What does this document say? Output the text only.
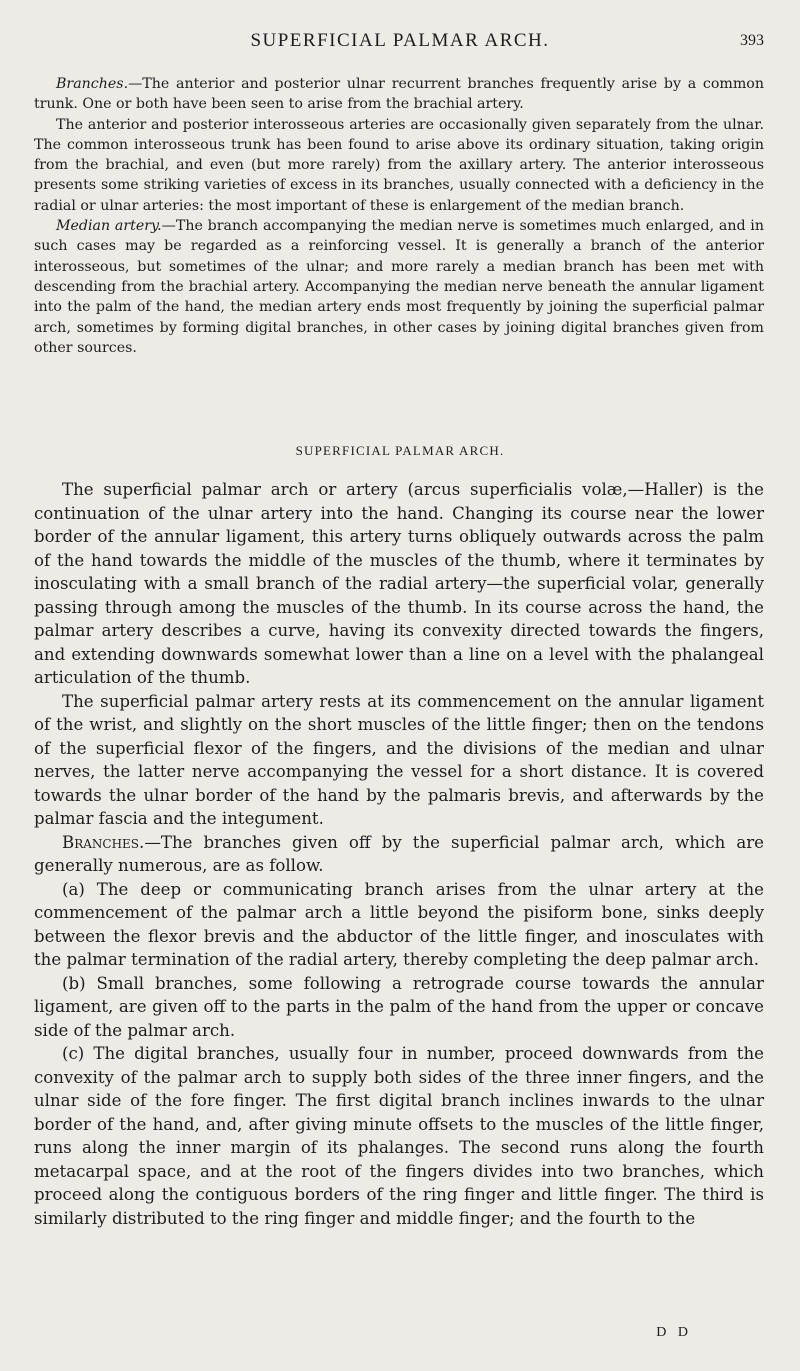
SUPERFICIAL PALMAR ARCH.	393

Branches.—The anterior and posterior ulnar recurrent branches frequently arise by a common trunk. One or both have been seen to arise from the brachial artery.

The anterior and posterior interosseous arteries are occasionally given separately from the ulnar. The common interosseous trunk has been found to arise above its ordinary situation, taking origin from the brachial, and even (but more rarely) from the axillary artery. The anterior interosseous presents some striking varieties of excess in its branches, usually connected with a deficiency in the radial or ulnar arteries: the most important of these is enlargement of the median branch.

Median artery.—The branch accompanying the median nerve is sometimes much enlarged, and in such cases may be regarded as a reinforcing vessel. It is generally a branch of the anterior interosseous, but sometimes of the ulnar; and more rarely a median branch has been met with descending from the brachial artery. Accompanying the median nerve beneath the annular ligament into the palm of the hand, the median artery ends most frequently by joining the superficial palmar arch, sometimes by forming digital branches, in other cases by joining digital branches given from other sources.

SUPERFICIAL PALMAR ARCH.

The superficial palmar arch or artery (arcus superficialis volæ,—Haller) is the continuation of the ulnar artery into the hand. Changing its course near the lower border of the annular ligament, this artery turns obliquely outwards across the palm of the hand towards the middle of the muscles of the thumb, where it terminates by inosculating with a small branch of the radial artery—the superficial volar, generally passing through among the muscles of the thumb. In its course across the hand, the palmar artery describes a curve, having its convexity directed towards the fingers, and extending downwards somewhat lower than a line on a level with the phalangeal articulation of the thumb.

The superficial palmar artery rests at its commencement on the annular ligament of the wrist, and slightly on the short muscles of the little finger; then on the tendons of the superficial flexor of the fingers, and the divisions of the median and ulnar nerves, the latter nerve accompanying the vessel for a short distance. It is covered towards the ulnar border of the hand by the palmaris brevis, and afterwards by the palmar fascia and the integument.

Branches.—The branches given off by the superficial palmar arch, which are generally numerous, are as follow.

(a) The deep or communicating branch arises from the ulnar artery at the commencement of the palmar arch a little beyond the pisiform bone, sinks deeply between the flexor brevis and the abductor of the little finger, and inosculates with the palmar termination of the radial artery, thereby completing the deep palmar arch.

(b) Small branches, some following a retrograde course towards the annular ligament, are given off to the parts in the palm of the hand from the upper or concave side of the palmar arch.

(c) The digital branches, usually four in number, proceed downwards from the convexity of the palmar arch to supply both sides of the three inner fingers, and the ulnar side of the fore finger. The first digital branch inclines inwards to the ulnar border of the hand, and, after giving minute offsets to the muscles of the little finger, runs along the inner margin of its phalanges. The second runs along the fourth metacarpal space, and at the root of the fingers divides into two branches, which proceed along the contiguous borders of the ring finger and little finger. The third is similarly distributed to the ring finger and middle finger; and the fourth to the

D D
